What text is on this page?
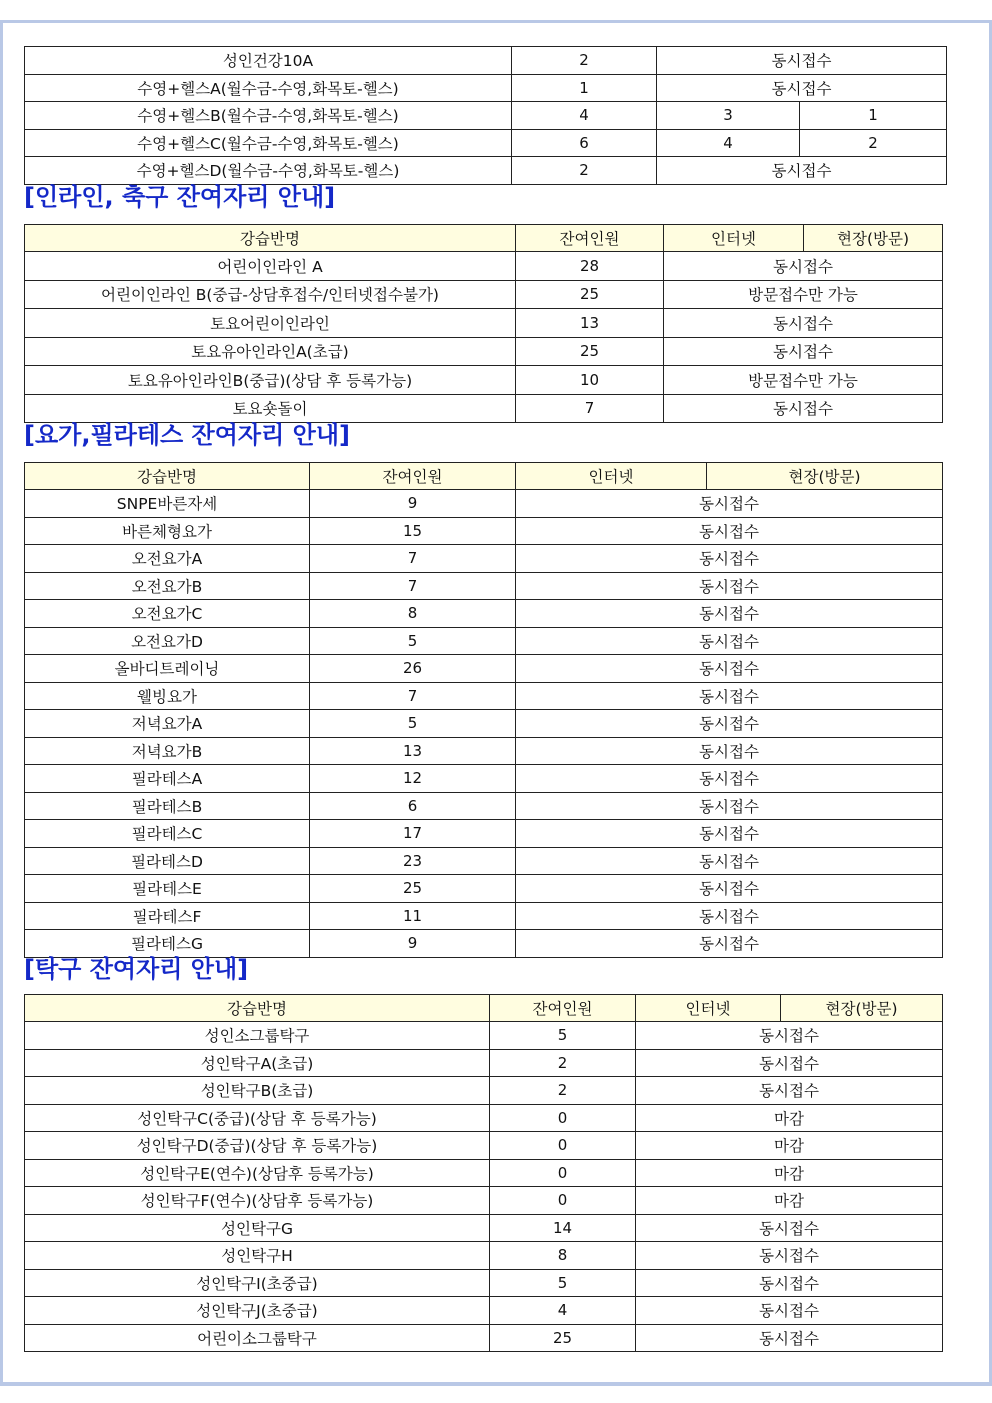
성인건강10A	2	동시접수	
수영+헬스A(월수금-수영,화목토-헬스)	1	동시접수	
수영+헬스B(월수금-수영,화목토-헬스)	4	3	1
수영+헬스C(월수금-수영,화목토-헬스)	6	4	2
수영+헬스D(월수금-수영,화목토-헬스)	2	동시접수	
[인라인, 축구 잔여자리 안내]
강습반명	잔여인원	인터넷	현장(방문)
어린이인라인 A	28	동시접수	
어린이인라인 B(중급-상담후접수/인터넷접수불가)	25	방문접수만 가능	
토요어린이인라인	13	동시접수	
토요유아인라인A(초급)	25	동시접수	
토요유아인라인B(중급)(상담 후 등록가능)	10	방문접수만 가능	
토요숏돌이	7	동시접수	
[요가,필라테스 잔여자리 안내]
강습반명	잔여인원	인터넷	현장(방문)
SNPE바른자세	9	동시접수	
바른체형요가	15	동시접수	
오전요가A	7	동시접수	
오전요가B	7	동시접수	
오전요가C	8	동시접수	
오전요가D	5	동시접수	
올바디트레이닝	26	동시접수	
웰빙요가	7	동시접수	
저녁요가A	5	동시접수	
저녁요가B	13	동시접수	
필라테스A	12	동시접수	
필라테스B	6	동시접수	
필라테스C	17	동시접수	
필라테스D	23	동시접수	
필라테스E	25	동시접수	
필라테스F	11	동시접수	
필라테스G	9	동시접수	
[탁구 잔여자리 안내]
강습반명	잔여인원	인터넷	현장(방문)
성인소그룹탁구	5	동시접수	
성인탁구A(초급)	2	동시접수	
성인탁구B(초급)	2	동시접수	
성인탁구C(중급)(상담 후 등록가능)	0	마감	
성인탁구D(중급)(상담 후 등록가능)	0	마감	
성인탁구E(연수)(상담후 등록가능)	0	마감	
성인탁구F(연수)(상담후 등록가능)	0	마감	
성인탁구G	14	동시접수	
성인탁구H	8	동시접수	
성인탁구I(초중급)	5	동시접수	
성인탁구J(초중급)	4	동시접수	
어린이소그룹탁구	25	동시접수	
